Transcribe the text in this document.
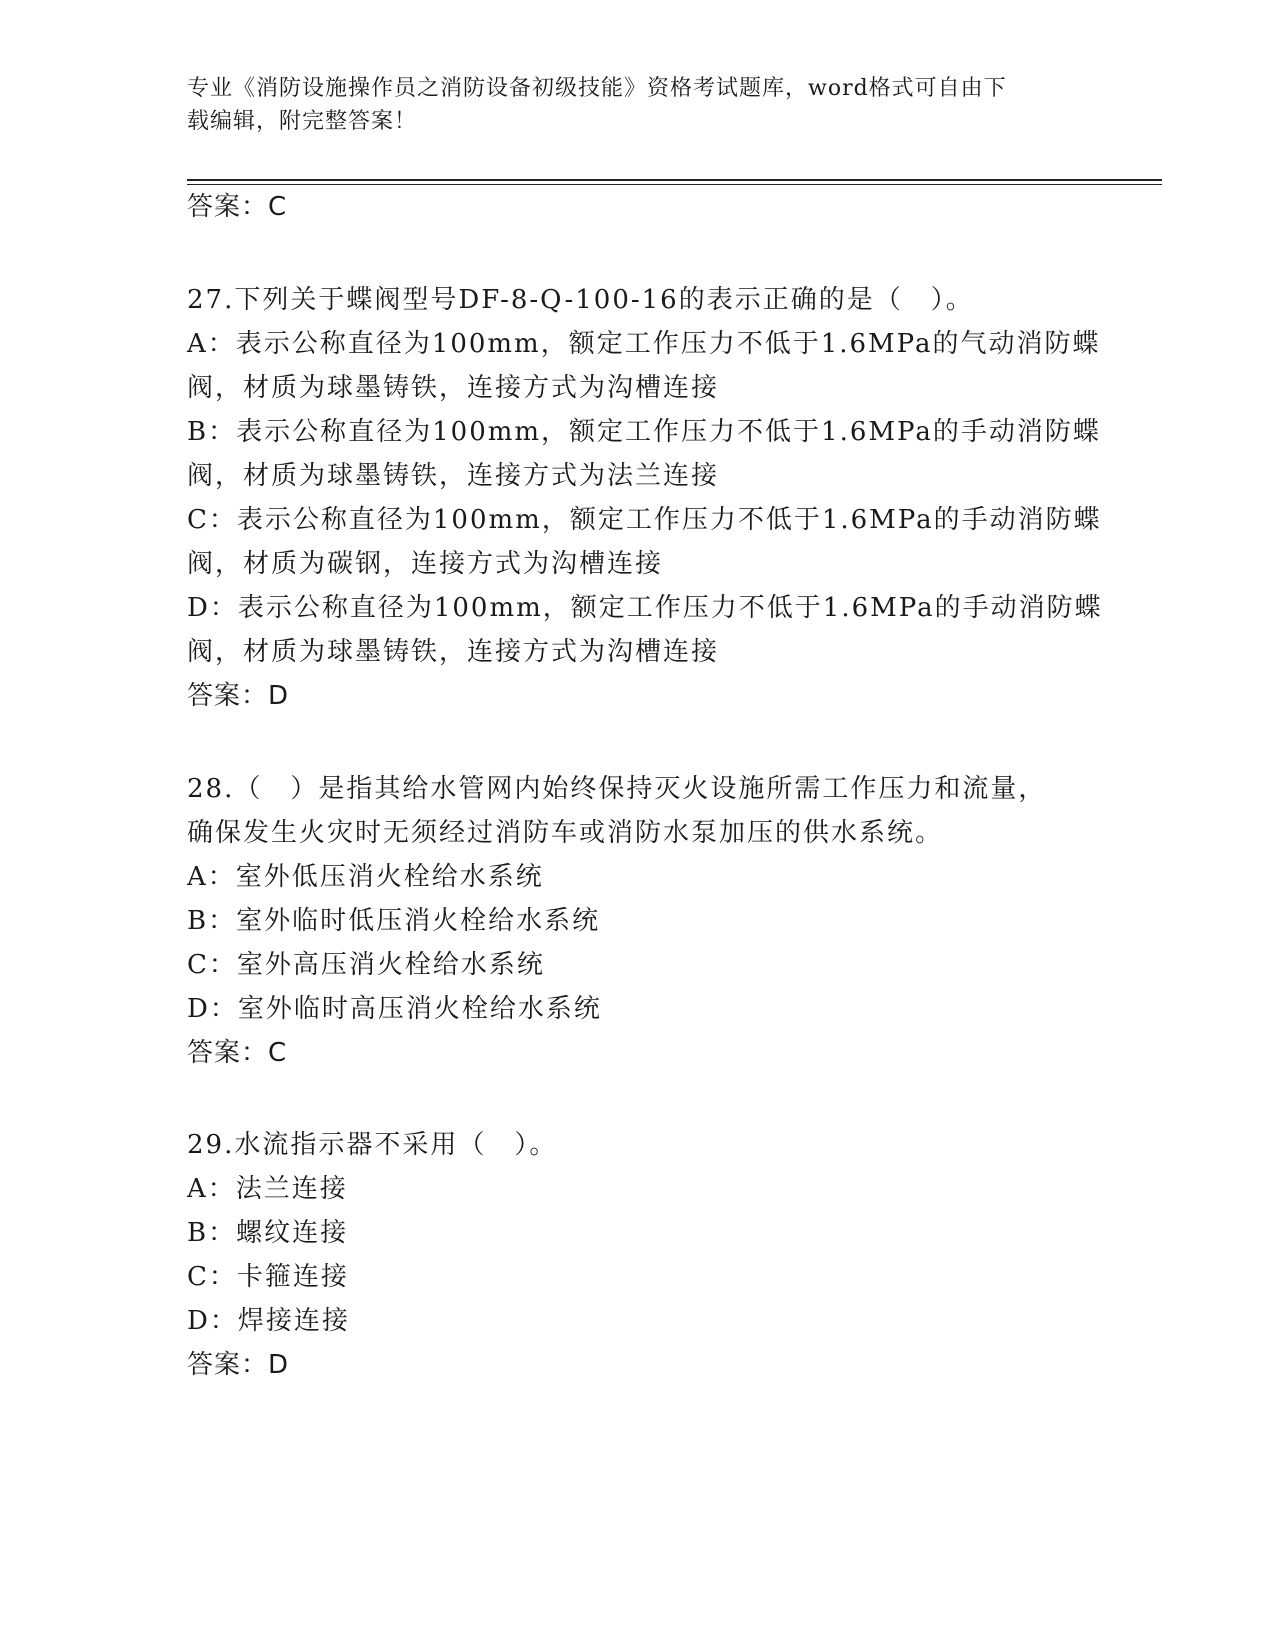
专业《消防设施操作员之消防设备初级技能》资格考试题库，word格式可自由下
载编辑，附完整答案！
答案：C
27.下列关于蝶阀型号DF-8-Q-100-16的表示正确的是（　）。
A：表示公称直径为100mm，额定工作压力不低于1.6MPa的气动消防蝶
阀，材质为球墨铸铁，连接方式为沟槽连接
B：表示公称直径为100mm，额定工作压力不低于1.6MPa的手动消防蝶
阀，材质为球墨铸铁，连接方式为法兰连接
C：表示公称直径为100mm，额定工作压力不低于1.6MPa的手动消防蝶
阀，材质为碳钢，连接方式为沟槽连接
D：表示公称直径为100mm，额定工作压力不低于1.6MPa的手动消防蝶
阀，材质为球墨铸铁，连接方式为沟槽连接
答案：D
28.（　）是指其给水管网内始终保持灭火设施所需工作压力和流量，
确保发生火灾时无须经过消防车或消防水泵加压的供水系统。
A：室外低压消火栓给水系统
B：室外临时低压消火栓给水系统
C：室外高压消火栓给水系统
D：室外临时高压消火栓给水系统
答案：C
29.水流指示器不采用（　）。
A：法兰连接
B：螺纹连接
C：卡箍连接
D：焊接连接
答案：D
